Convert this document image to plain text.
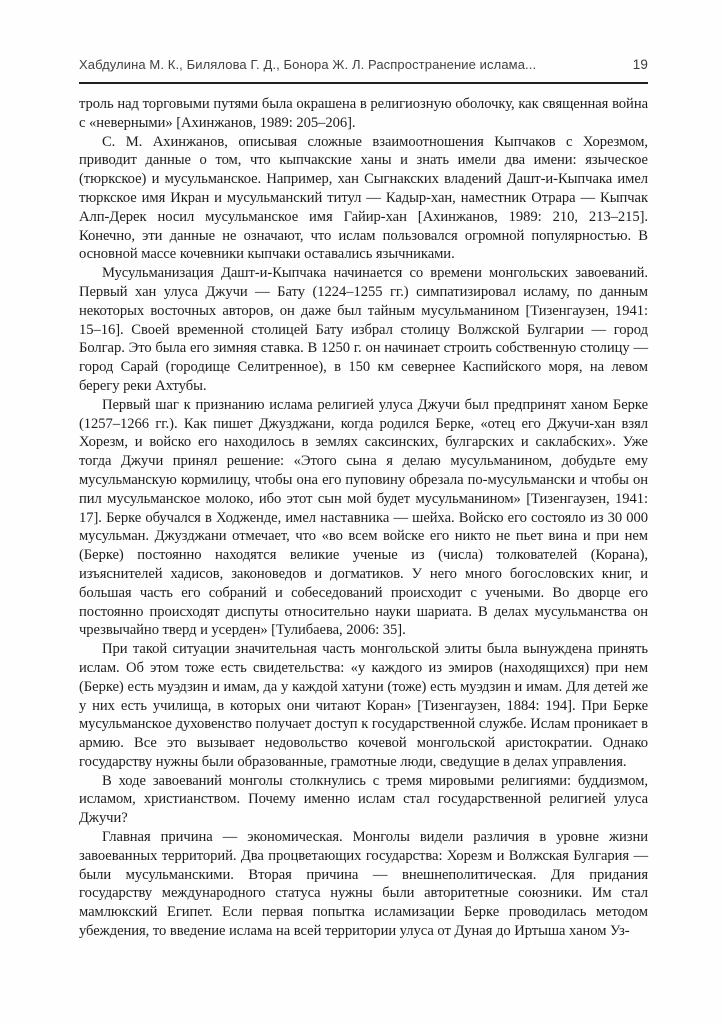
Хабдулина М. К., Билялова Г. Д., Бонора Ж. Л. Распространение ислама...	19

троль над торговыми путями была окрашена в религиозную оболочку, как священная война с «неверными» [Ахинжанов, 1989: 205–206].

С. М. Ахинжанов, описывая сложные взаимоотношения Кыпчаков с Хорезмом, приводит данные о том, что кыпчакские ханы и знать имели два имени: языческое (тюркское) и мусульманское. Например, хан Сыгнакских владений Дашт-и-Кыпчака имел тюркское имя Икран и мусульманский титул — Кадыр-хан, наместник Отрара — Кыпчак Алп-Дерек носил мусульманское имя Гайир-хан [Ахинжанов, 1989: 210, 213–215]. Конечно, эти данные не означают, что ислам пользовался огромной популярностью. В основной массе кочевники кыпчаки оставались язычниками.

Мусульманизация Дашт-и-Кыпчака начинается со времени монгольских завоеваний. Первый хан улуса Джучи — Бату (1224–1255 гг.) симпатизировал исламу, по данным некоторых восточных авторов, он даже был тайным мусульманином [Тизенгаузен, 1941: 15–16]. Своей временной столицей Бату избрал столицу Волжской Булгарии — город Болгар. Это была его зимняя ставка. В 1250 г. он начинает строить собственную столицу — город Сарай (городище Селитренное), в 150 км севернее Каспийского моря, на левом берегу реки Ахтубы.

Первый шаг к признанию ислама религией улуса Джучи был предпринят ханом Берке (1257–1266 гг.). Как пишет Джузджани, когда родился Берке, «отец его Джучи-хан взял Хорезм, и войско его находилось в землях саксинских, булгарских и саклабских». Уже тогда Джучи принял решение: «Этого сына я делаю мусульманином, добудьте ему мусульманскую кормилицу, чтобы она его пуповину обрезала по-мусульмански и чтобы он пил мусульманское молоко, ибо этот сын мой будет мусульманином» [Тизенгаузен, 1941: 17]. Берке обучался в Ходженде, имел наставника — шейха. Войско его состояло из 30 000 мусульман. Джузджани отмечает, что «во всем войске его никто не пьет вина и при нем (Берке) постоянно находятся великие ученые из (числа) толкователей (Корана), изъяснителей хадисов, законоведов и догматиков. У него много богословских книг, и большая часть его собраний и собеседований происходит с учеными. Во дворце его постоянно происходят диспуты относительно науки шариата. В делах мусульманства он чрезвычайно тверд и усерден» [Тулибаева, 2006: 35].

При такой ситуации значительная часть монгольской элиты была вынуждена принять ислам. Об этом тоже есть свидетельства: «у каждого из эмиров (находящихся) при нем (Берке) есть муэдзин и имам, да у каждой хатуни (тоже) есть муэдзин и имам. Для детей же у них есть училища, в которых они читают Коран» [Тизенгаузен, 1884: 194]. При Берке мусульманское духовенство получает доступ к государственной службе. Ислам проникает в армию. Все это вызывает недовольство кочевой монгольской аристократии. Однако государству нужны были образованные, грамотные люди, сведущие в делах управления.

В ходе завоеваний монголы столкнулись с тремя мировыми религиями: буддизмом, исламом, христианством. Почему именно ислам стал государственной религией улуса Джучи?

Главная причина — экономическая. Монголы видели различия в уровне жизни завоеванных территорий. Два процветающих государства: Хорезм и Волжская Булгария — были мусульманскими. Вторая причина — внешнеполитическая. Для придания государству международного статуса нужны были авторитетные союзники. Им стал мамлюкский Египет. Если первая попытка исламизации Берке проводилась методом убеждения, то введение ислама на всей территории улуса от Дуная до Иртыша ханом Уз-
